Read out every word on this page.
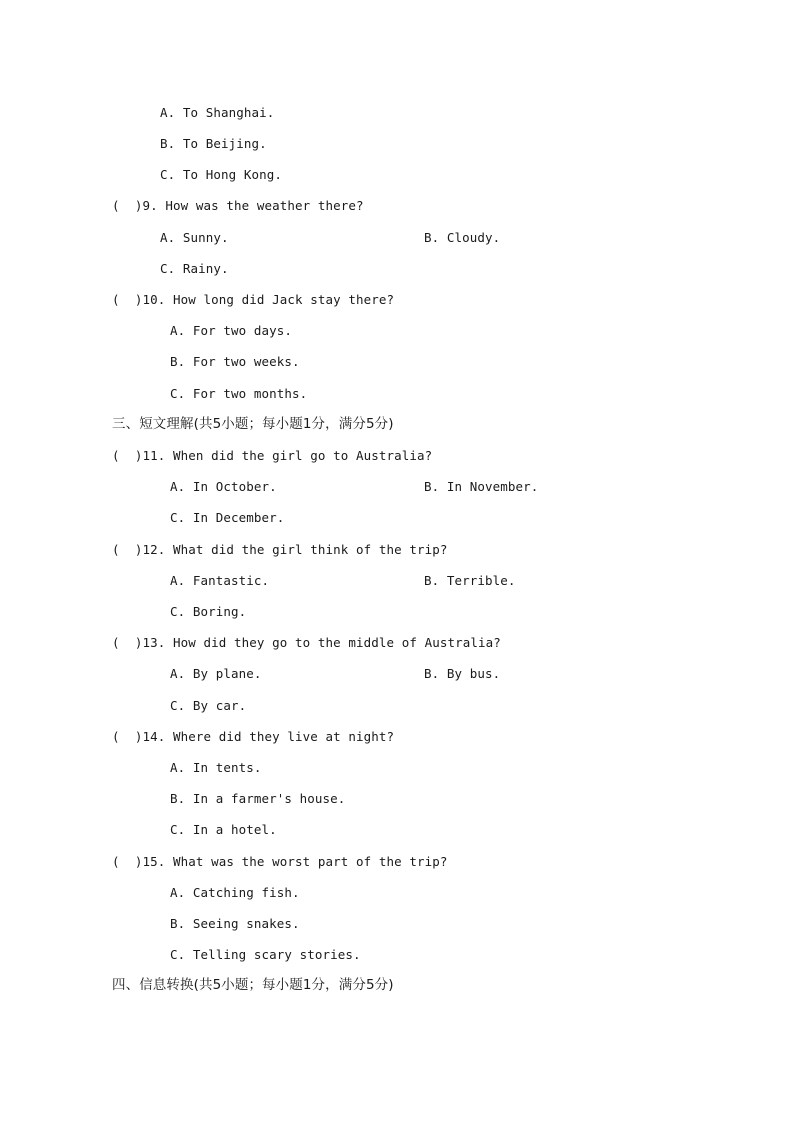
A. To Shanghai.
B. To Beijing.
C. To Hong Kong.
(  )9. How was the weather there?
A. Sunny.	B. Cloudy.
C. Rainy.
(  )10. How long did Jack stay there?
A. For two days.
B. For two weeks.
C. For two months.
三、短文理解(共5小题；每小题1分，满分5分)
(  )11. When did the girl go to Australia?
A. In October.	B. In November.
C. In December.
(  )12. What did the girl think of the trip?
A. Fantastic.	B. Terrible.
C. Boring.
(  )13. How did they go to the middle of Australia?
A. By plane.	B. By bus.
C. By car.
(  )14. Where did they live at night?
A. In tents.
B. In a farmer's house.
C. In a hotel.
(  )15. What was the worst part of the trip?
A. Catching fish.
B. Seeing snakes.
C. Telling scary stories.
四、信息转换(共5小题；每小题1分，满分5分)
